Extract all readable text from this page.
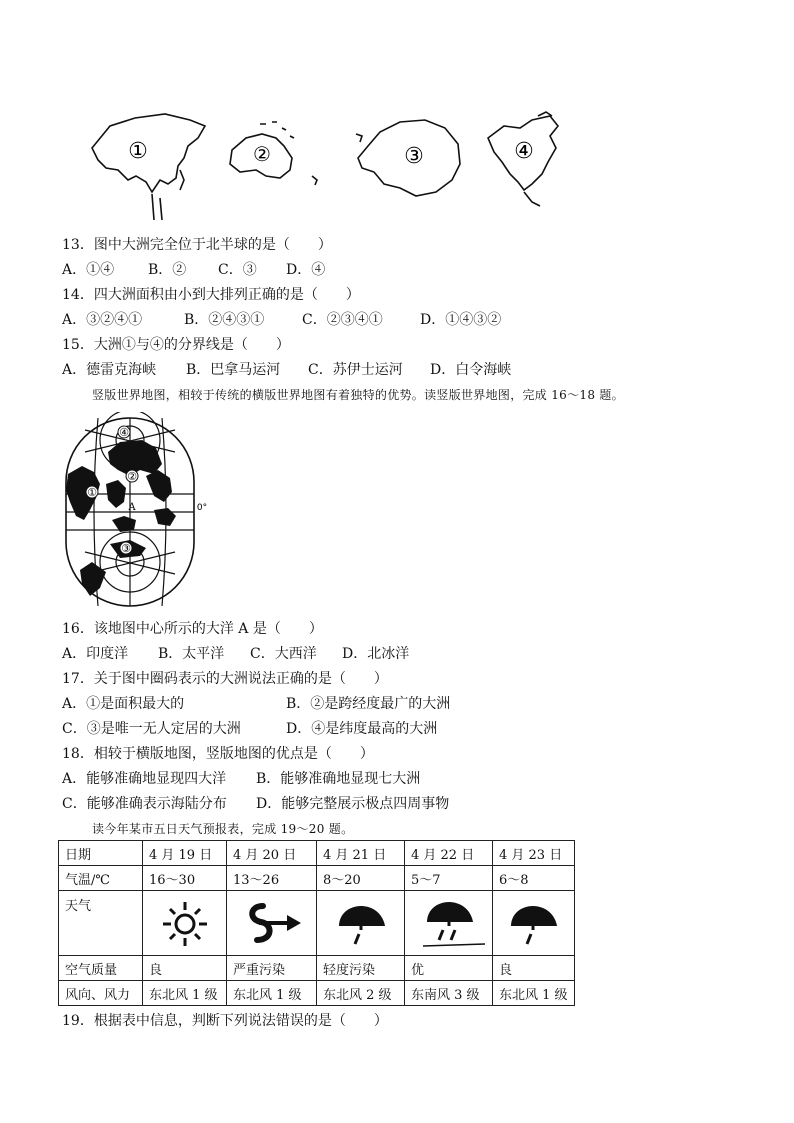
①	②	③	④
13．图中大洲完全位于北半球的是（　　）
A．①④ B．② C．③ D．④
14．四大洲面积由小到大排列正确的是（　　）
A．③②④①	B．②④③①	C．②③④①	D．①④③②
15．大洲①与④的分界线是（　　）
A．德雷克海峡 B．巴拿马运河 C．苏伊士运河 D．白令海峡
竖版世界地图，相较于传统的横版世界地图有着独特的优势。读竖版世界地图，完成 16～18 题。
④
②
①
③
A	0°
16．该地图中心所示的大洋 A 是（　　）
A．印度洋 B．太平洋 C．大西洋 D．北冰洋
17．关于图中圈码表示的大洲说法正确的是（　　）
A．①是面积最大的	B．②是跨经度最广的大洲
C．③是唯一无人定居的大洲	D．④是纬度最高的大洲
18．相较于横版地图，竖版地图的优点是（　　）
A．能够准确地显现四大洋 B．能够准确地显现七大洲
C．能够准确表示海陆分布 D．能够完整展示极点四周事物
读今年某市五日天气预报表，完成 19～20 题。
日期	4 月 19 日	4 月 20 日	4 月 21 日	4 月 22 日	4 月 23 日
气温/℃	16～30	13～26	8～20	5～7	6～8
天气	

空气质量	良	严重污染	轻度污染	优	良
风向、风力	东北风 1 级	东北风 1 级	东北风 2 级	东南风 3 级	东北风 1 级
19．根据表中信息，判断下列说法错误的是（　　）
